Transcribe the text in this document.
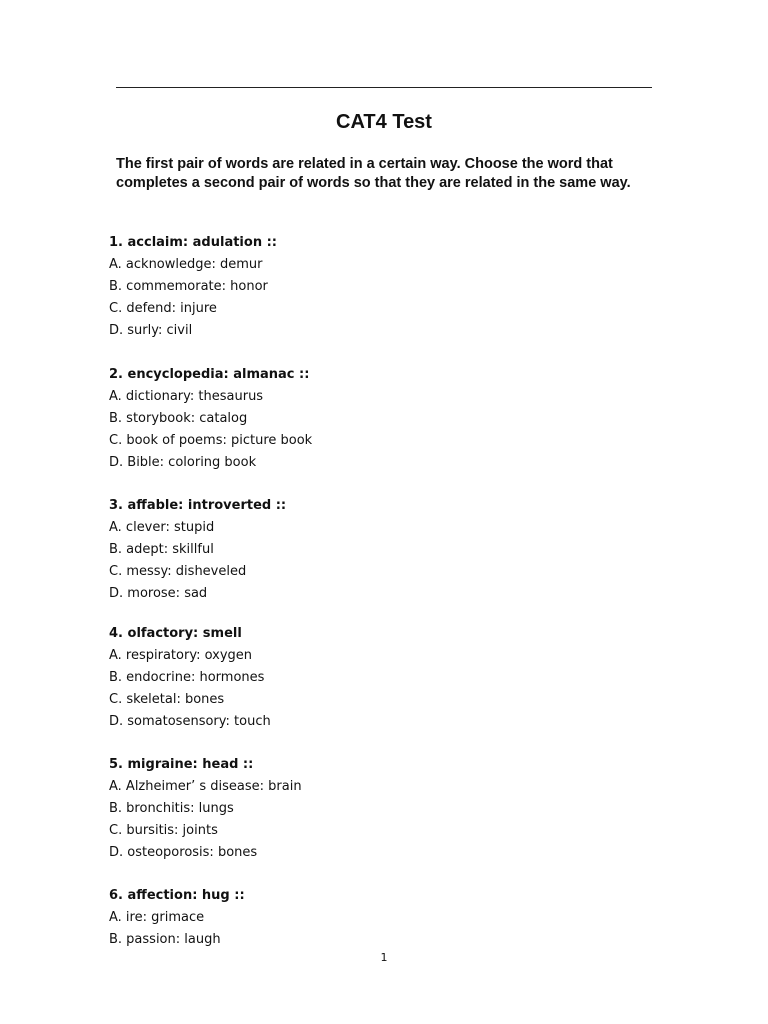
CAT4 Test
The first pair of words are related in a certain way. Choose the word that completes a second pair of words so that they are related in the same way.
1. acclaim: adulation ::
A. acknowledge: demur
B. commemorate: honor
C. defend: injure
D. surly: civil
2. encyclopedia: almanac ::
A. dictionary: thesaurus
B. storybook: catalog
C. book of poems: picture book
D. Bible: coloring book
3. affable: introverted ::
A. clever: stupid
B. adept: skillful
C. messy: disheveled
D. morose: sad
4. olfactory: smell
A. respiratory: oxygen
B. endocrine: hormones
C. skeletal: bones
D. somatosensory: touch
5. migraine: head ::
A. Alzheimer’ s disease: brain
B. bronchitis: lungs
C. bursitis: joints
D. osteoporosis: bones
6. affection: hug ::
A. ire: grimace
B. passion: laugh
1
